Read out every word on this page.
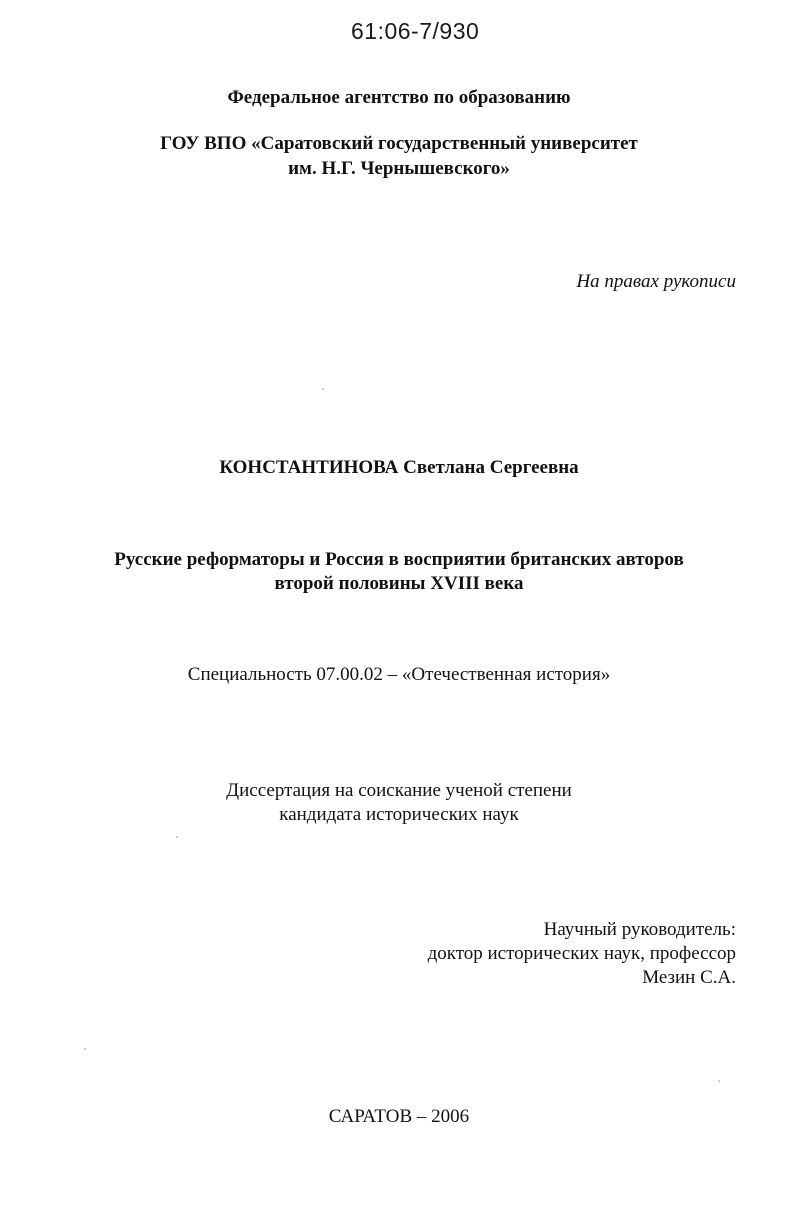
61:06-7/930
Федеральное агентство по образованию
ГОУ ВПО «Саратовский государственный университет
им. Н.Г. Чернышевского»
На правах рукописи
КОНСТАНТИНОВА Светлана Сергеевна
Русские реформаторы и Россия в восприятии британских авторов
второй половины XVIII века
Специальность 07.00.02 – «Отечественная история»
Диссертация на соискание ученой степени
кандидата исторических наук
Научный руководитель:
доктор исторических наук, профессор
Мезин С.А.
САРАТОВ – 2006
